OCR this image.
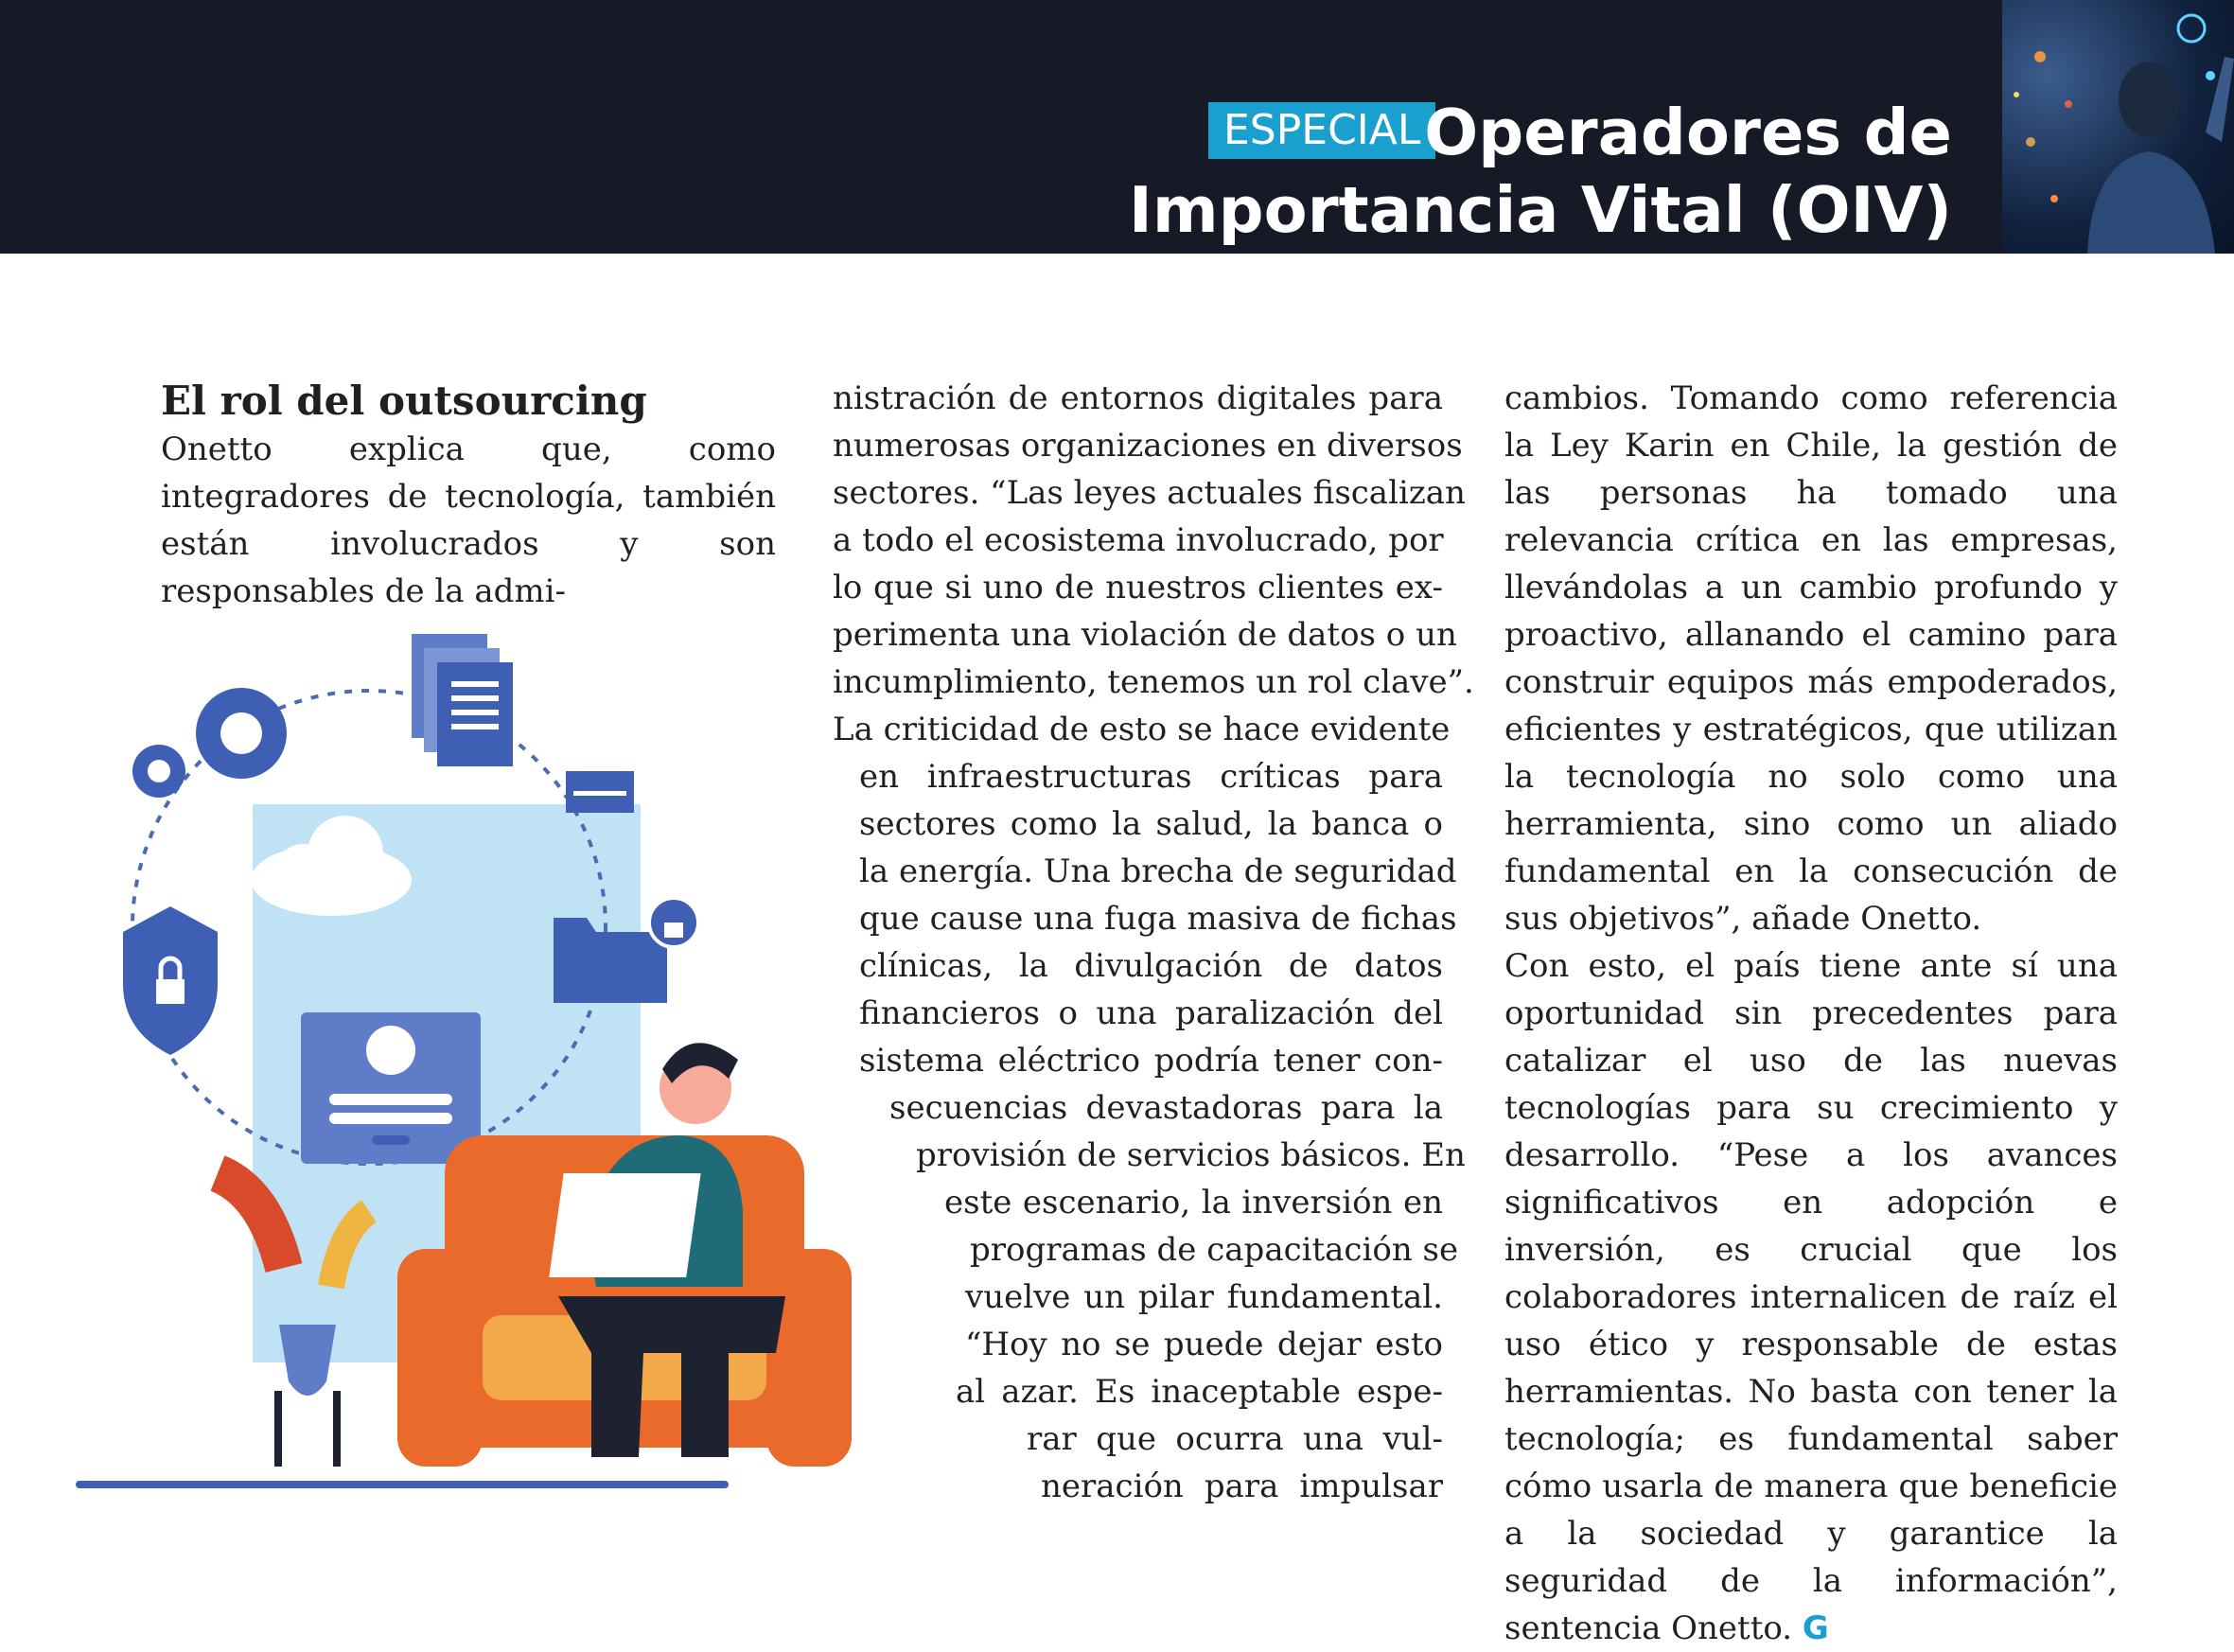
ESPECIAL Operadores de
Importancia Vital (OIV)
El rol del outsourcing

Onetto explica que, como integradores de tecnología, también están involucrados y son responsables de la admi-

nistración de entornos digitales para
numerosas organizaciones en diversos
sectores. “Las leyes actuales fiscalizan
a todo el ecosistema involucrado, por
lo que si uno de nuestros clientes ex-
perimenta una violación de datos o un
incumplimiento, tenemos un rol clave”.
La criticidad de esto se hace evidente
en infraestructuras críticas para
sectores como la salud, la banca o
la energía. Una brecha de seguridad
que cause una fuga masiva de fichas
clínicas, la divulgación de datos
financieros o una paralización del
sistema eléctrico podría tener con-
secuencias devastadoras para la
provisión de servicios básicos. En
este escenario, la inversión en
programas de capacitación se
vuelve un pilar fundamental.
“Hoy no se puede dejar esto
al azar. Es inaceptable espe-
rar que ocurra una vul-
neración para impulsar

cambios. Tomando como referencia la Ley Karin en Chile, la gestión de las personas ha tomado una relevancia crítica en las empresas, llevándolas a un cambio profundo y proactivo, allanando el camino para construir equipos más empoderados, eficientes y estratégicos, que utilizan la tecnología no solo como una herramienta, sino como un aliado fundamental en la consecución de sus objetivos”, añade Onetto.

Con esto, el país tiene ante sí una oportunidad sin precedentes para catalizar el uso de las nuevas tecnologías para su crecimiento y desarrollo. “Pese a los avances significativos en adopción e inversión, es crucial que los colaboradores internalicen de raíz el uso ético y responsable de estas herramientas. No basta con tener la tecnología; es fundamental saber cómo usarla de manera que beneficie a la sociedad y garantice la seguridad de la información”, sentencia Onetto. G
